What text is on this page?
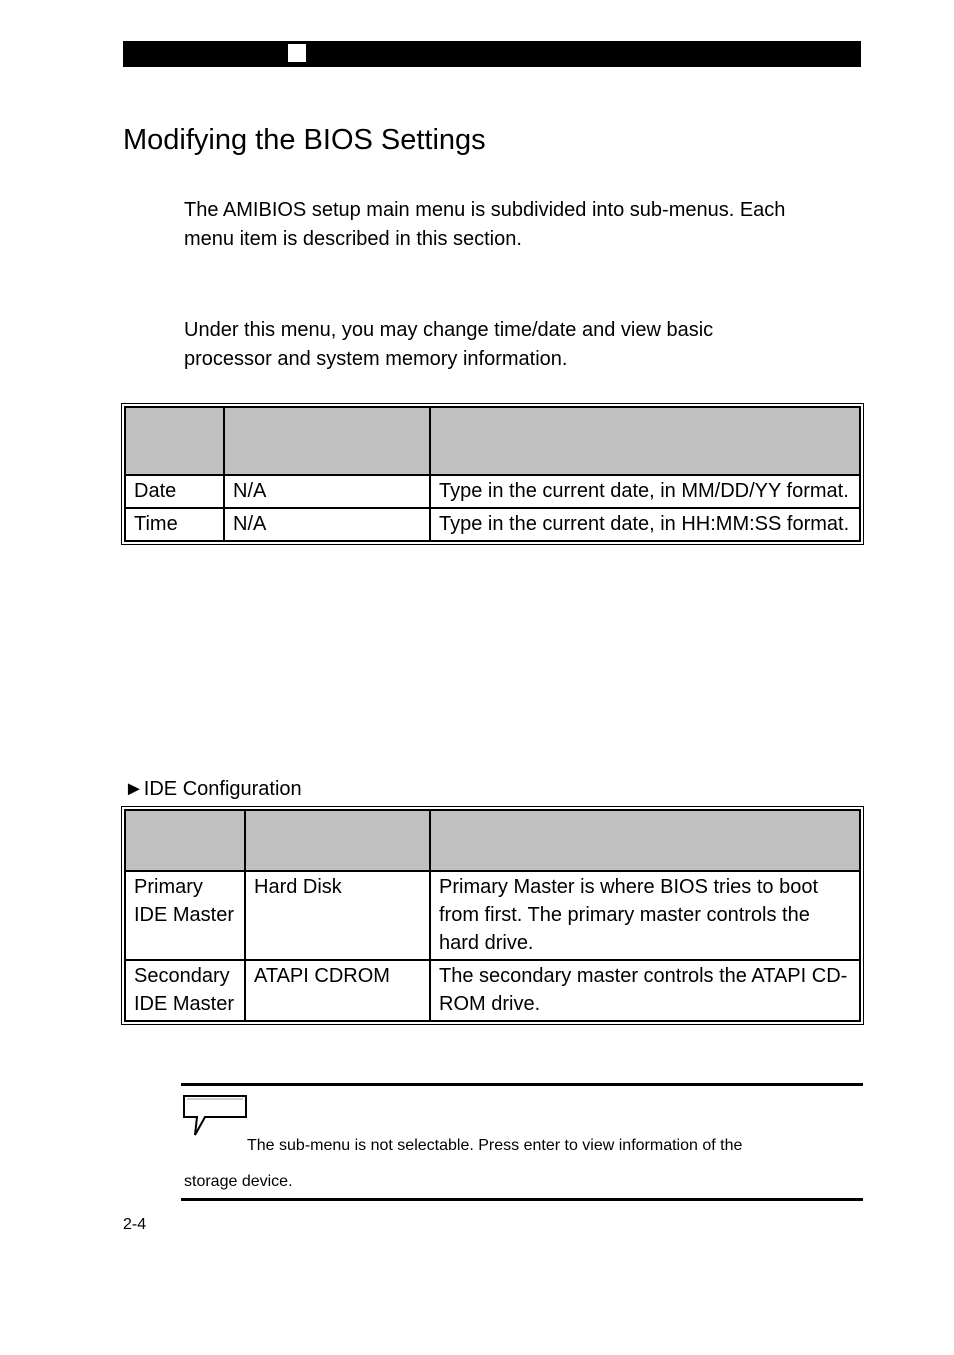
Modifying the BIOS Settings

The AMIBIOS setup main menu is subdivided into sub-menus. Each menu item is described in this section.

Under this menu, you may change time/date and view basic processor and system memory information.

Date	N/A	Type in the current date, in MM/DD/YY format.
Time	N/A	Type in the current date, in HH:MM:SS format.
►IDE Configuration

Primary IDE Master	Hard Disk	Primary Master is where BIOS tries to boot from first. The primary master controls the hard drive.
Secondary IDE Master	ATAPI CDROM	The secondary master controls the ATAPI CD-ROM drive.
The sub-menu is not selectable. Press enter to view information of the
storage device.
2-4
